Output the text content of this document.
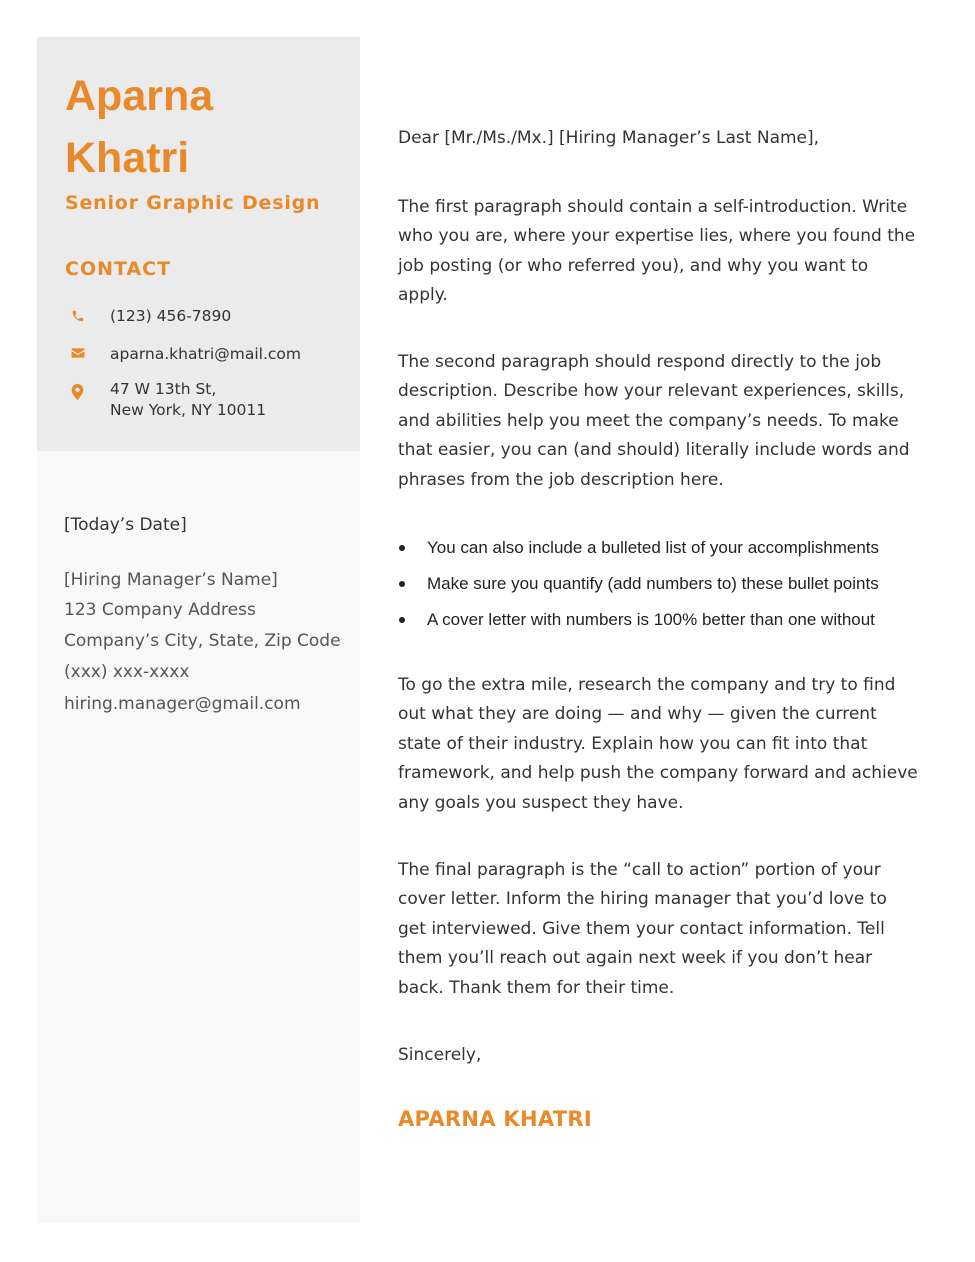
Aparna
Khatri
Senior Graphic Design
CONTACT
(123) 456-7890
aparna.khatri@mail.com
47 W 13th St,
New York, NY 10011
[Today’s Date]
[Hiring Manager’s Name]
123 Company Address
Company’s City, State, Zip Code
(xxx) xxx-xxxx
hiring.manager@gmail.com

Dear [Mr./Ms./Mx.] [Hiring Manager’s Last Name],

The first paragraph should contain a self-introduction. Write who you are, where your expertise lies, where you found the job posting (or who referred you), and why you want to apply.

The second paragraph should respond directly to the job description. Describe how your relevant experiences, skills, and abilities help you meet the company’s needs. To make that easier, you can (and should) literally include words and phrases from the job description here.

You can also include a bulleted list of your accomplishments
Make sure you quantify (add numbers to) these bullet points
A cover letter with numbers is 100% better than one without

To go the extra mile, research the company and try to find out what they are doing — and why — given the current state of their industry. Explain how you can fit into that framework, and help push the company forward and achieve any goals you suspect they have.

The final paragraph is the “call to action” portion of your cover letter. Inform the hiring manager that you’d love to get interviewed. Give them your contact information. Tell them you’ll reach out again next week if you don’t hear back. Thank them for their time.

Sincerely,

APARNA KHATRI
